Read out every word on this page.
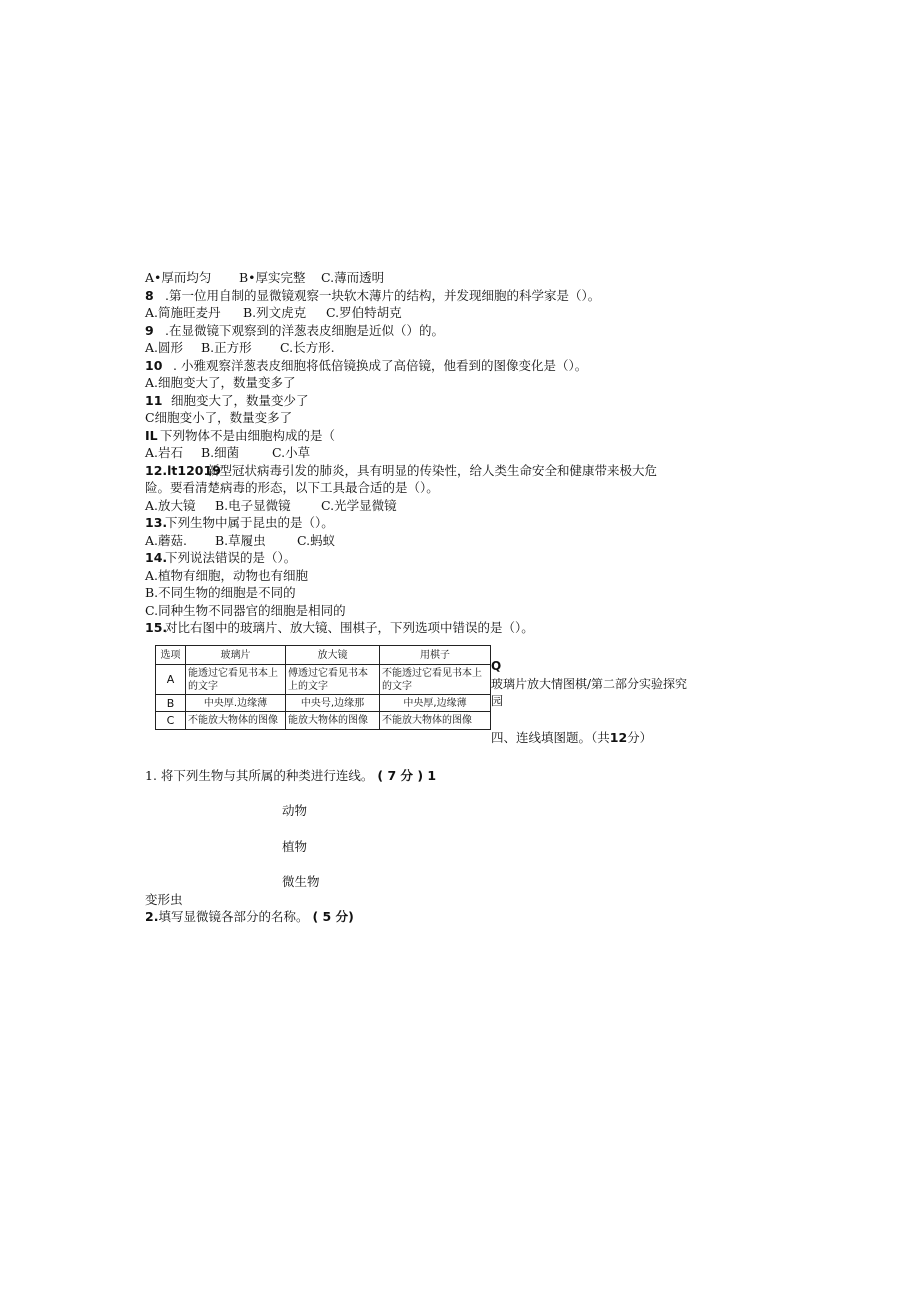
A•厚而均匀 B•厚实完整 C.薄而透明
8 .第一位用自制的显微镜观察一块软木薄片的结构，并发现细胞的科学家是（）。
A.简施旺麦丹 B.列文虎克 C.罗伯特胡克
9 .在显微镜下观察到的洋葱表皮细胞是近似（）的。
A.圆形 B.正方形 C.长方形.
10 . 小雅观察洋葱表皮细胞将低倍镜换成了高倍镜，他看到的图像变化是（）。
A.细胞变大了，数量变多了
11 细胞变大了，数量变少了
C细胞变小了，数量变多了
IL 下列物体不是由细胞构成的是（
A.岩石 B.细菌	C.小草
12.lt12019新型冠状病毒引发的肺炎，具有明显的传染性，给人类生命安全和健康带来极大危
险。要看清楚病毒的形态，以下工具最合适的是（）。
A.放大镜 B.电子显微镜 C.光学显微镜
13.下列生物中属于昆虫的是（）。
A.蘑菇. B.草履虫	C.蚂蚁
14.下列说法错误的是（）。
A.植物有细胞，动物也有细胞
B.不同生物的细胞是不同的
C.同种生物不同器官的细胞是相同的
15.对比右图中的玻璃片、放大镜、围棋子，下列选项中错误的是（）。
选项	玻璃片	放大镜	用棋子
A	能透过它看见书本上的文字	傅透过它看见书本上的文字	不能透过它看见书本上的文字
B	中央厚.边缘薄	中央号,边缘那	中央厚,边缘薄
C	不能放大物体的图像	能放大物体的图像	不能放大物体的图像
Q
玻璃片放大情图棋/第二部分实验探究
园
四、连线填图题。（共12分）
1. 将下列生物与其所属的种类进行连线。 ( 7 分 ) 1
动物
植物
微生物
变形虫
2.填写显微镜各部分的名称。 ( 5 分)
